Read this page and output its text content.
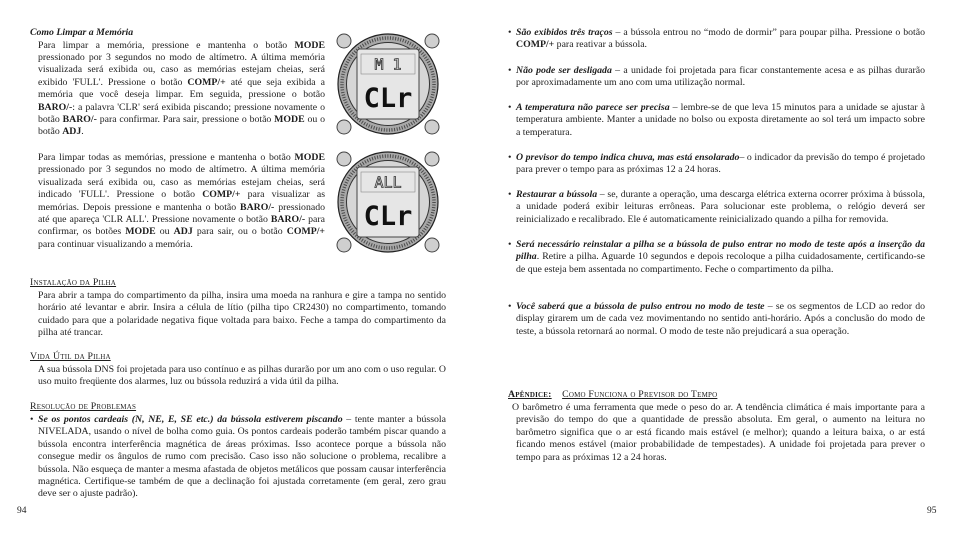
Como Limpar a Memória

Para limpar a memória, pressione e mantenha o botão MODE pressionado por 3 segundos no modo de altímetro. A última memória visualizada será exibida ou, caso as memórias estejam cheias, será exibido 'FULL'. Pressione o botão COMP/+ até que seja exibida a memória que você deseja limpar. Em seguida, pressione o botão BARO/-: a palavra 'CLR' será exibida piscando; pressione novamente o botão BARO/- para confirmar. Para sair, pressione o botão MODE ou o botão ADJ.

Para limpar todas as memórias, pressione e mantenha o botão MODE pressionado por 3 segundos no modo de altímetro. A última memória visualizada será exibida ou, caso as memórias estejam cheias, será indicado 'FULL'. Pressione o botão COMP/+ para visualizar as memórias. Depois pressione e mantenha o botão BARO/- pressionado até que apareça 'CLR ALL'. Pressione novamente o botão BARO/- para confirmar, os botões MODE ou ADJ para sair, ou o botão COMP/+ para continuar visualizando a memória.

M 1
CLr
ALL
CLr
Instalação da Pilha

Para abrir a tampa do compartimento da pilha, insira uma moeda na ranhura e gire a tampa no sentido horário até levantar e abrir. Insira a célula de lítio (pilha tipo CR2430) no compartimento, tomando cuidado para que a polaridade negativa fique voltada para baixo. Feche a tampa do compartimento da pilha até trancar.

Vida Útil da Pilha

A sua bússola DNS foi projetada para uso contínuo e as pilhas durarão por um ano com o uso regular. O uso muito freqüente dos alarmes, luz ou bússola reduzirá a vida útil da pilha.

Resolução de Problemas

• Se os pontos cardeais (N, NE, E, SE etc.) da bússola estiverem piscando – tente manter a bússola NIVELADA, usando o nível de bolha como guia. Os pontos cardeais poderão também piscar quando a bússola encontra interferência magnética de áreas próximas. Isso acontece porque a bússola não consegue medir os ângulos de rumo com precisão. Caso isso não solucione o problema, recalibre a bússola. Não esqueça de manter a mesma afastada de objetos metálicos que possam causar interferência magnética. Certifique-se também de que a declinação foi ajustada corretamente (em geral, zero grau deve ser o ajuste padrão).

94

• São exibidos três traços – a bússola entrou no “modo de dormir” para poupar pilha. Pressione o botão COMP/+ para reativar a bússola.

• Não pode ser desligada – a unidade foi projetada para ficar constantemente acesa e as pilhas durarão por aproximadamente um ano com uma utilização normal.

• A temperatura não parece ser precisa – lembre-se de que leva 15 minutos para a unidade se ajustar à temperatura ambiente. Manter a unidade no bolso ou exposta diretamente ao sol terá um impacto sobre a temperatura.

• O previsor do tempo indica chuva, mas está ensolarado– o indicador da previsão do tempo é projetado para prever o tempo para as próximas 12 a 24 horas.

• Restaurar a bússola – se, durante a operação, uma descarga elétrica externa ocorrer próxima à bússola, a unidade poderá exibir leituras errôneas. Para solucionar este problema, o relógio deverá ser reinicializado e recalibrado. Ele é automaticamente reinicializado quando a pilha for removida.

• Será necessário reinstalar a pilha se a bússola de pulso entrar no modo de teste após a inserção da pilha. Retire a pilha. Aguarde 10 segundos e depois recoloque a pilha cuidadosamente, certificando-se de que esteja bem assentada no compartimento. Feche o compartimento da pilha.

• Você saberá que a bússola de pulso entrou no modo de teste – se os segmentos de LCD ao redor do display girarem um de cada vez movimentando no sentido anti-horário. Após a conclusão do modo de teste, a bússola retornará ao normal. O modo de teste não prejudicará a sua operação.

Apêndice: Como Funciona o Previsor do Tempo

O barômetro é uma ferramenta que mede o peso do ar. A tendência climática é mais importante para a previsão do tempo do que a quantidade de pressão absoluta. Em geral, o aumento na leitura no barômetro significa que o ar está ficando mais estável (e melhor); quando a leitura baixa, o ar está ficando menos estável (maior probabilidade de tempestades). A unidade foi projetada para prever o tempo para as próximas 12 a 24 horas.

95
